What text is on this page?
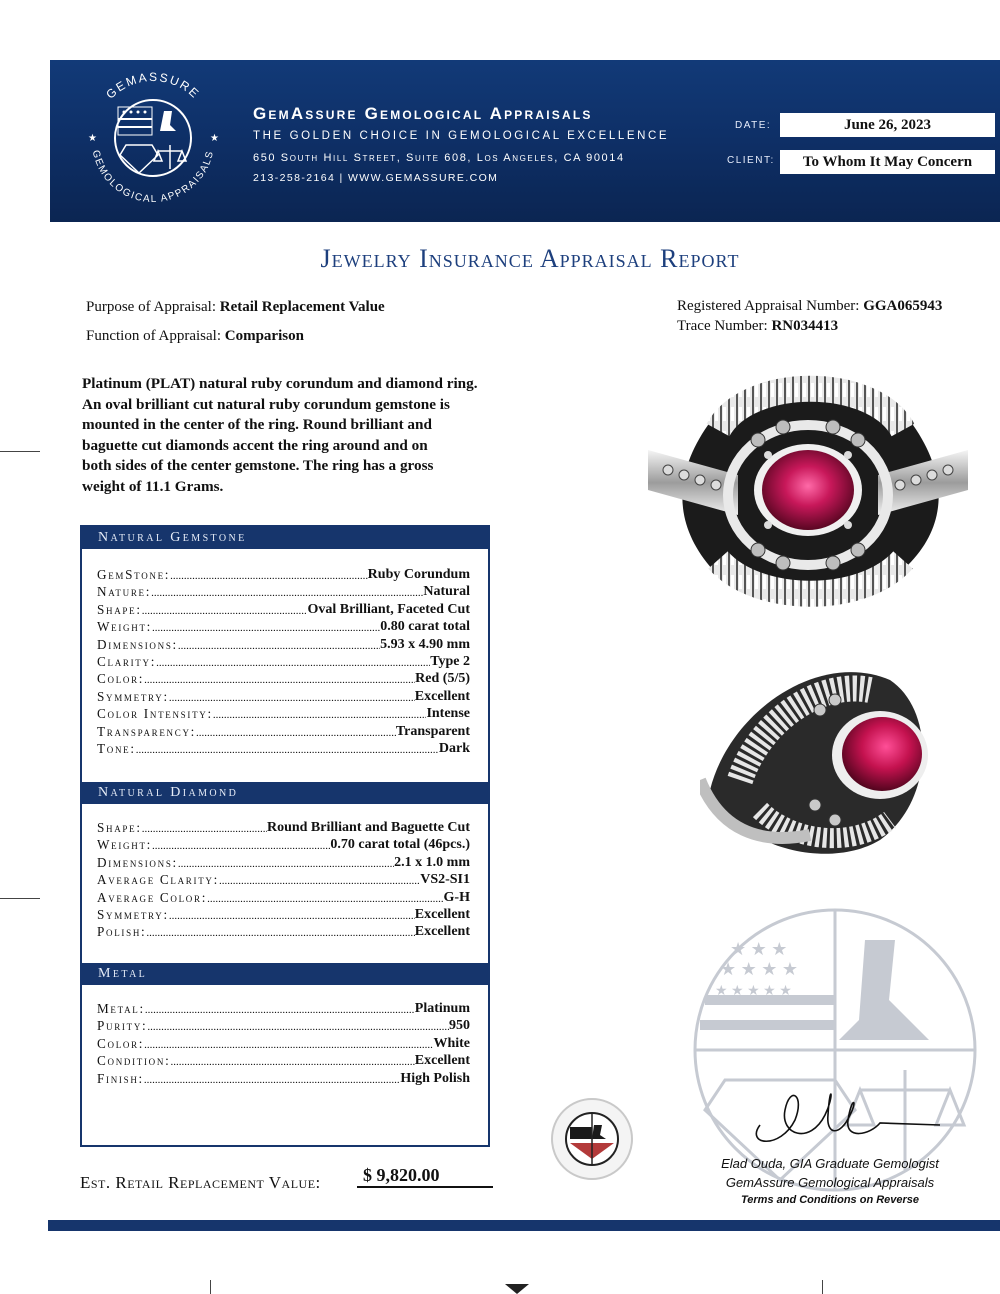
GEMASSURE
GEMOLOGICAL APPRAISALS
★	★
GemAssure Gemological Appraisals
THE GOLDEN CHOICE IN GEMOLOGICAL EXCELLENCE
650 South Hill Street, Suite 608, Los Angeles, CA 90014
213-258-2164 | WWW.GEMASSURE.COM
DATE:	June 26, 2023
CLIENT:	To Whom It May Concern
Jewelry Insurance Appraisal Report
Purpose of Appraisal: Retail Replacement Value
Function of Appraisal: Comparison
Registered Appraisal Number: GGA065943
Trace Number: RN034413
Platinum (PLAT) natural ruby corundum and diamond ring.
An oval brilliant cut natural ruby corundum gemstone is
mounted in the center of the ring. Round brilliant and
baguette cut diamonds accent the ring around and on
both sides of the center gemstone. The ring has a gross
weight of 11.1 Grams.
Natural Gemstone
Natural Diamond
Metal
GemStone: .....	Ruby Corundum
Nature: .....	Natural
Shape: .....	Oval Brilliant, Faceted Cut
Weight: .....	0.80 carat total
Dimensions: .....	5.93 x 4.90 mm
Clarity: .....	Type 2
Color: .....	Red (5/5)
Symmetry: .....	Excellent
Color Intensity: .....	Intense
Transparency: .....	Transparent
Tone: .....	Dark
Shape: .....	Round Brilliant and Baguette Cut
Weight: .....	0.70 carat total (46pcs.)
Dimensions: .....	2.1 x 1.0 mm
Average Clarity: .....	VS2-SI1
Average Color: .....	G-H
Symmetry: .....	Excellent
Polish: .....	Excellent
Metal: .....	Platinum
Purity: .....	950
Color: .....	White
Condition: .....	Excellent
Finish: .....	High Polish
★ ★ ★ ★
★ ★ ★
★ ★ ★ ★ ★
Elad Ouda, GIA Graduate Gemologist
GemAssure Gemological Appraisals
Terms and Conditions on Reverse
Est. Retail Replacement Value:	$ 9,820.00
